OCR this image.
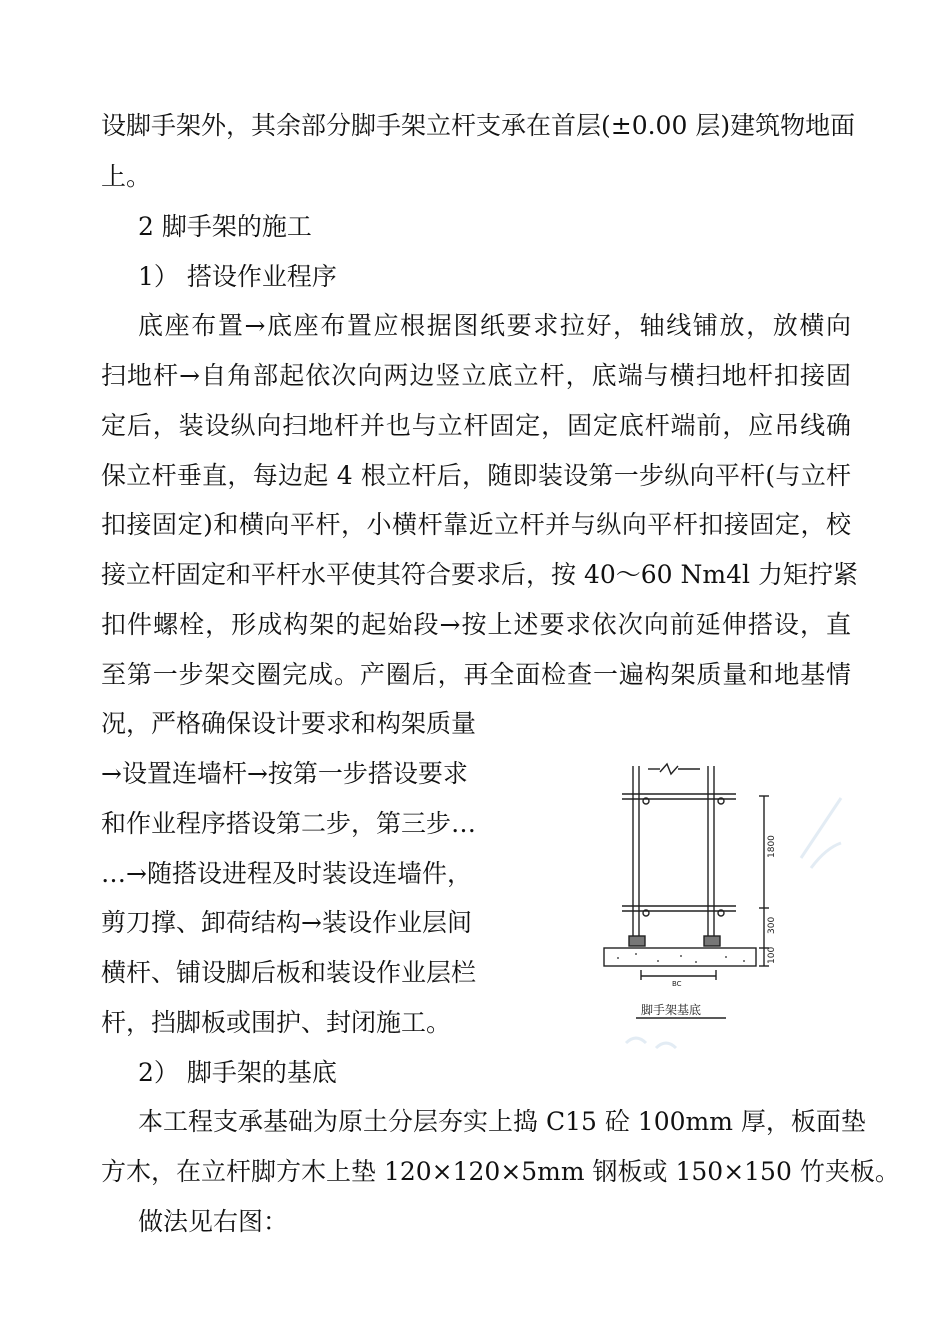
设脚手架外，其余部分脚手架立杆支承在首层(±0.00 层)建筑物地面
上。
2 脚手架的施工
1） 搭设作业程序
底座布置→底座布置应根据图纸要求拉好，轴线铺放，放横向
扫地杆→自角部起依次向两边竖立底立杆，底端与横扫地杆扣接固
定后，装设纵向扫地杆并也与立杆固定，固定底杆端前，应吊线确
保立杆垂直，每边起 4 根立杆后，随即装设第一步纵向平杆(与立杆
扣接固定)和横向平杆，小横杆靠近立杆并与纵向平杆扣接固定，校
接立杆固定和平杆水平使其符合要求后，按 40～60 Nm4l 力矩拧紧
扣件螺栓，形成构架的起始段→按上述要求依次向前延伸搭设，直
至第一步架交圈完成。产圈后，再全面检查一遍构架质量和地基情
况，严格确保设计要求和构架质量
→设置连墙杆→按第一步搭设要求
和作业程序搭设第二步，第三步…
…→随搭设进程及时装设连墙件，
剪刀撑、卸荷结构→装设作业层间
横杆、铺设脚后板和装设作业层栏
杆，挡脚板或围护、封闭施工。
2） 脚手架的基底
本工程支承基础为原土分层夯实上捣 C15 砼 100mm 厚，板面垫
方木，在立杆脚方木上垫 120×120×5mm 钢板或 150×150 竹夹板。
做法见右图：
1800
300
100
BC
脚手架基底
